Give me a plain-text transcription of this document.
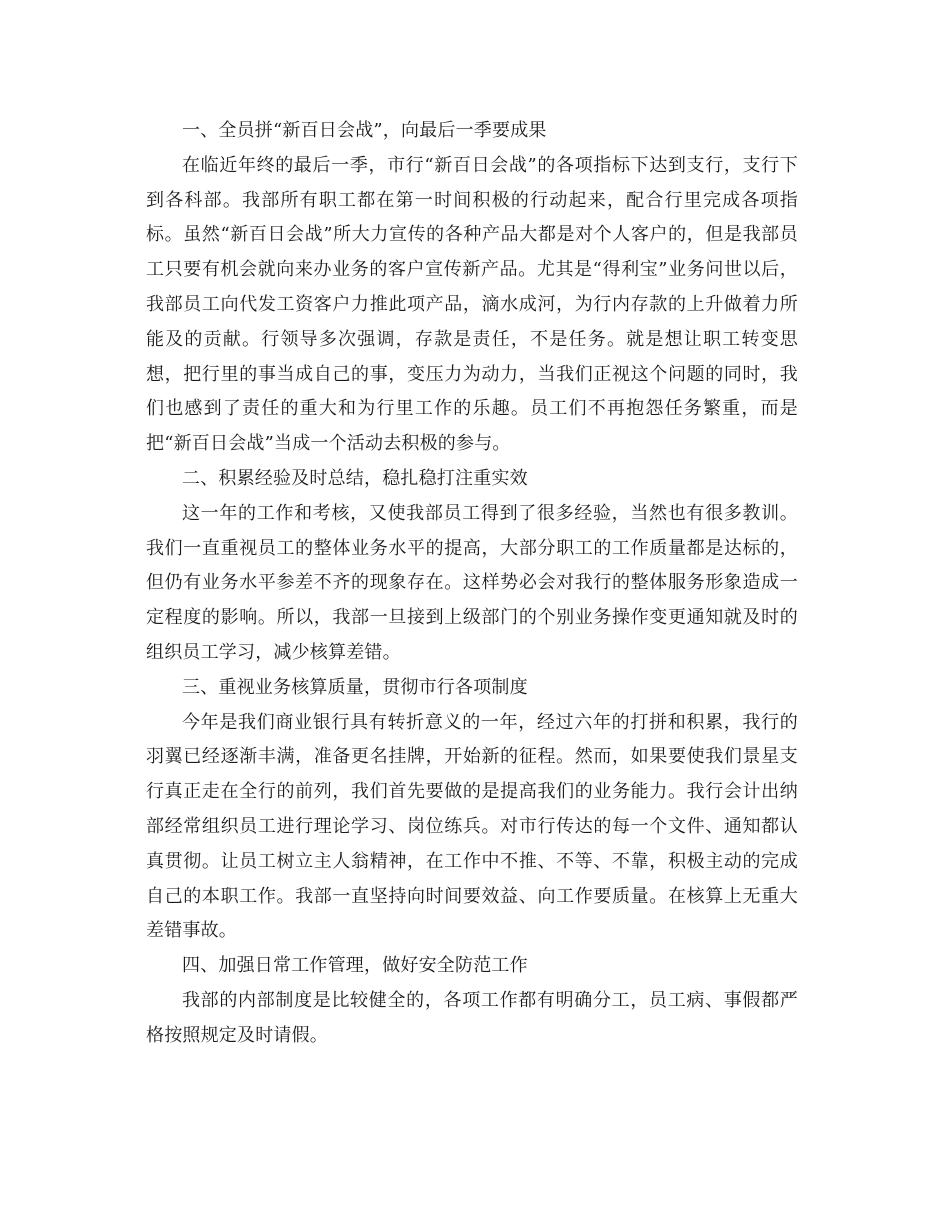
一、全员拼“新百日会战”，向最后一季要成果

在临近年终的最后一季，市行“新百日会战”的各项指标下达到支行，支行下到各科部。我部所有职工都在第一时间积极的行动起来，配合行里完成各项指标。虽然“新百日会战”所大力宣传的各种产品大都是对个人客户的，但是我部员工只要有机会就向来办业务的客户宣传新产品。尤其是“得利宝”业务问世以后，我部员工向代发工资客户力推此项产品，滴水成河，为行内存款的上升做着力所能及的贡献。行领导多次强调，存款是责任，不是任务。就是想让职工转变思想，把行里的事当成自己的事，变压力为动力，当我们正视这个问题的同时，我们也感到了责任的重大和为行里工作的乐趣。员工们不再抱怨任务繁重，而是把“新百日会战”当成一个活动去积极的参与。

二、积累经验及时总结，稳扎稳打注重实效

这一年的工作和考核，又使我部员工得到了很多经验，当然也有很多教训。我们一直重视员工的整体业务水平的提高，大部分职工的工作质量都是达标的，但仍有业务水平参差不齐的现象存在。这样势必会对我行的整体服务形象造成一定程度的影响。所以，我部一旦接到上级部门的个别业务操作变更通知就及时的组织员工学习，减少核算差错。

三、重视业务核算质量，贯彻市行各项制度

今年是我们商业银行具有转折意义的一年，经过六年的打拼和积累，我行的羽翼已经逐渐丰满，准备更名挂牌，开始新的征程。然而，如果要使我们景星支行真正走在全行的前列，我们首先要做的是提高我们的业务能力。我行会计出纳部经常组织员工进行理论学习、岗位练兵。对市行传达的每一个文件、通知都认真贯彻。让员工树立主人翁精神，在工作中不推、不等、不靠，积极主动的完成自己的本职工作。我部一直坚持向时间要效益、向工作要质量。在核算上无重大差错事故。

四、加强日常工作管理，做好安全防范工作

我部的内部制度是比较健全的，各项工作都有明确分工，员工病、事假都严格按照规定及时请假。
